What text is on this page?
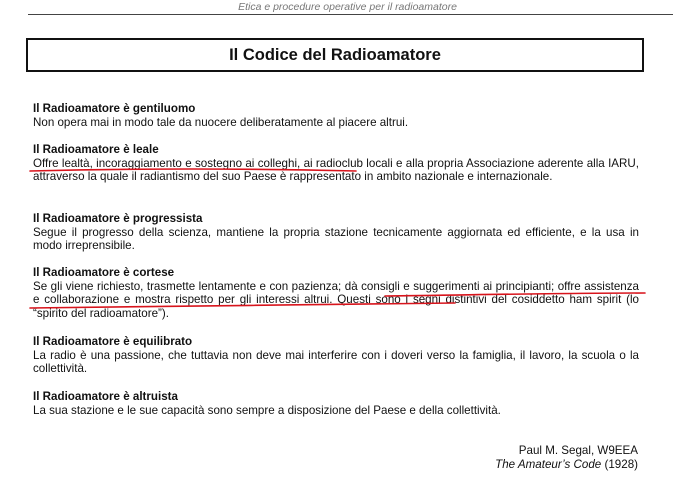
Etica e procedure operative per il radioamatore
Il Codice del Radioamatore
Il Radioamatore è gentiluomo

Non opera mai in modo tale da nuocere deliberatamente al piacere altrui.

Il Radioamatore è leale

Offre lealtà, incoraggiamento e sostegno ai colleghi, ai radioclub locali e alla propria Associazione aderente alla IARU, attraverso la quale il radiantismo del suo Paese è rappresentato in ambito nazionale e internazionale.

Il Radioamatore è progressista

Segue il progresso della scienza, mantiene la propria stazione tecnicamente aggiornata ed efficiente, e la usa in modo irreprensibile.

Il Radioamatore è cortese

Se gli viene richiesto, trasmette lentamente e con pazienza; dà consigli e suggerimenti ai principianti; offre assistenza e collaborazione e mostra rispetto per gli interessi altrui. Questi sono i segni distintivi del cosiddetto ham spirit (lo “spirito del radioamatore”).

Il Radioamatore è equilibrato

La radio è una passione, che tuttavia non deve mai interferire con i doveri verso la famiglia, il lavoro, la scuola o la collettività.

Il Radioamatore è altruista

La sua stazione e le sue capacità sono sempre a disposizione del Paese e della collettività.

Paul M. Segal, W9EEA
The Amateur’s Code (1928)
